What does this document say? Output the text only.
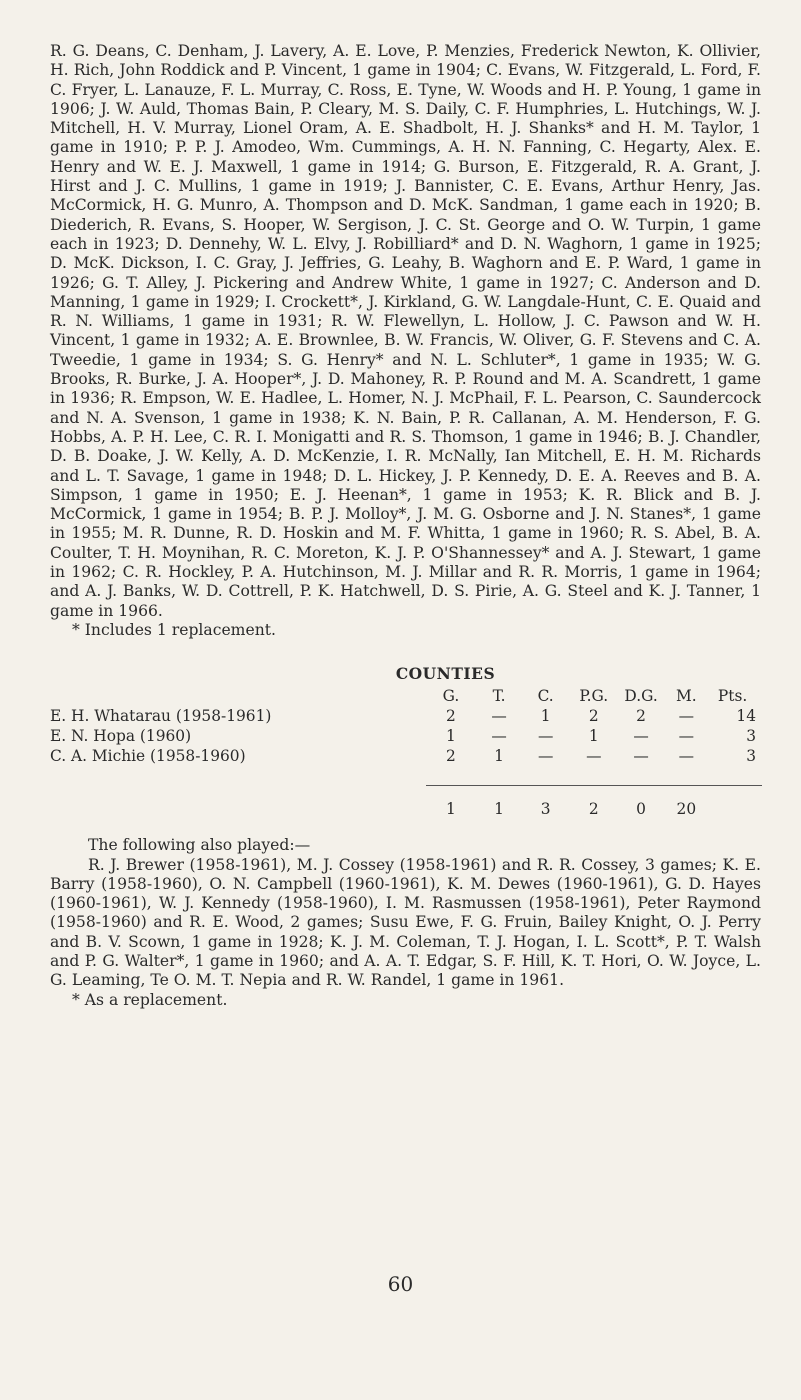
R. G. Deans, C. Denham, J. Lavery, A. E. Love, P. Menzies, Frederick Newton, K. Ollivier, H. Rich, John Roddick and P. Vincent, 1 game in 1904; C. Evans, W. Fitzgerald, L. Ford, F. C. Fryer, L. Lanauze, F. L. Murray, C. Ross, E. Tyne, W. Woods and H. P. Young, 1 game in 1906; J. W. Auld, Thomas Bain, P. Cleary, M. S. Daily, C. F. Humphries, L. Hutchings, W. J. Mitchell, H. V. Murray, Lionel Oram, A. E. Shadbolt, H. J. Shanks* and H. M. Taylor, 1 game in 1910; P. P. J. Amodeo, Wm. Cummings, A. H. N. Fanning, C. Hegarty, Alex. E. Henry and W. E. J. Maxwell, 1 game in 1914; G. Burson, E. Fitzgerald, R. A. Grant, J. Hirst and J. C. Mullins, 1 game in 1919; J. Bannister, C. E. Evans, Arthur Henry, Jas. McCormick, H. G. Munro, A. Thompson and D. McK. Sandman, 1 game each in 1920; B. Diederich, R. Evans, S. Hooper, W. Sergison, J. C. St. George and O. W. Turpin, 1 game each in 1923; D. Dennehy, W. L. Elvy, J. Robilliard* and D. N. Waghorn, 1 game in 1925; D. McK. Dickson, I. C. Gray, J. Jeffries, G. Leahy, B. Waghorn and E. P. Ward, 1 game in 1926; G. T. Alley, J. Pickering and Andrew White, 1 game in 1927; C. Anderson and D. Manning, 1 game in 1929; I. Crockett*, J. Kirkland, G. W. Langdale-Hunt, C. E. Quaid and R. N. Williams, 1 game in 1931; R. W. Flewellyn, L. Hollow, J. C. Pawson and W. H. Vincent, 1 game in 1932; A. E. Brownlee, B. W. Francis, W. Oliver, G. F. Stevens and C. A. Tweedie, 1 game in 1934; S. G. Henry* and N. L. Schluter*, 1 game in 1935; W. G. Brooks, R. Burke, J. A. Hooper*, J. D. Mahoney, R. P. Round and M. A. Scandrett, 1 game in 1936; R. Empson, W. E. Hadlee, L. Homer, N. J. McPhail, F. L. Pearson, C. Saundercock and N. A. Svenson, 1 game in 1938; K. N. Bain, P. R. Callanan, A. M. Henderson, F. G. Hobbs, A. P. H. Lee, C. R. I. Monigatti and R. S. Thomson, 1 game in 1946; B. J. Chandler, D. B. Doake, J. W. Kelly, A. D. McKenzie, I. R. McNally, Ian Mitchell, E. H. M. Richards and L. T. Savage, 1 game in 1948; D. L. Hickey, J. P. Kennedy, D. E. A. Reeves and B. A. Simpson, 1 game in 1950; E. J. Heenan*, 1 game in 1953; K. R. Blick and B. J. McCormick, 1 game in 1954; B. P. J. Molloy*, J. M. G. Osborne and J. N. Stanes*, 1 game in 1955; M. R. Dunne, R. D. Hoskin and M. F. Whitta, 1 game in 1960; R. S. Abel, B. A. Coulter, T. H. Moynihan, R. C. Moreton, K. J. P. O'Shannessey* and A. J. Stewart, 1 game in 1962; C. R. Hockley, P. A. Hutchinson, M. J. Millar and R. R. Morris, 1 game in 1964; and A. J. Banks, W. D. Cottrell, P. K. Hatchwell, D. S. Pirie, A. G. Steel and K. J. Tanner, 1 game in 1966.

* Includes 1 replacement.

COUNTIES
	G.	T.	C.	P.G.	D.G.	M.	Pts.
E. H. Whatarau (1958-1961)	2	—	1	2	2	—	14
E. N. Hopa (1960)	1	—	—	1	—	—	3
C. A. Michie (1958-1960)	2	1	—	—	—	—	3

	1	1	3	2	0	20	

The following also played:—

R. J. Brewer (1958-1961), M. J. Cossey (1958-1961) and R. R. Cossey, 3 games; K. E. Barry (1958-1960), O. N. Campbell (1960-1961), K. M. Dewes (1960-1961), G. D. Hayes (1960-1961), W. J. Kennedy (1958-1960), I. M. Rasmussen (1958-1961), Peter Raymond (1958-1960) and R. E. Wood, 2 games; Susu Ewe, F. G. Fruin, Bailey Knight, O. J. Perry and B. V. Scown, 1 game in 1928; K. J. M. Coleman, T. J. Hogan, I. L. Scott*, P. T. Walsh and P. G. Walter*, 1 game in 1960; and A. A. T. Edgar, S. F. Hill, K. T. Hori, O. W. Joyce, L. G. Leaming, Te O. M. T. Nepia and R. W. Randel, 1 game in 1961.

* As a replacement.

60
